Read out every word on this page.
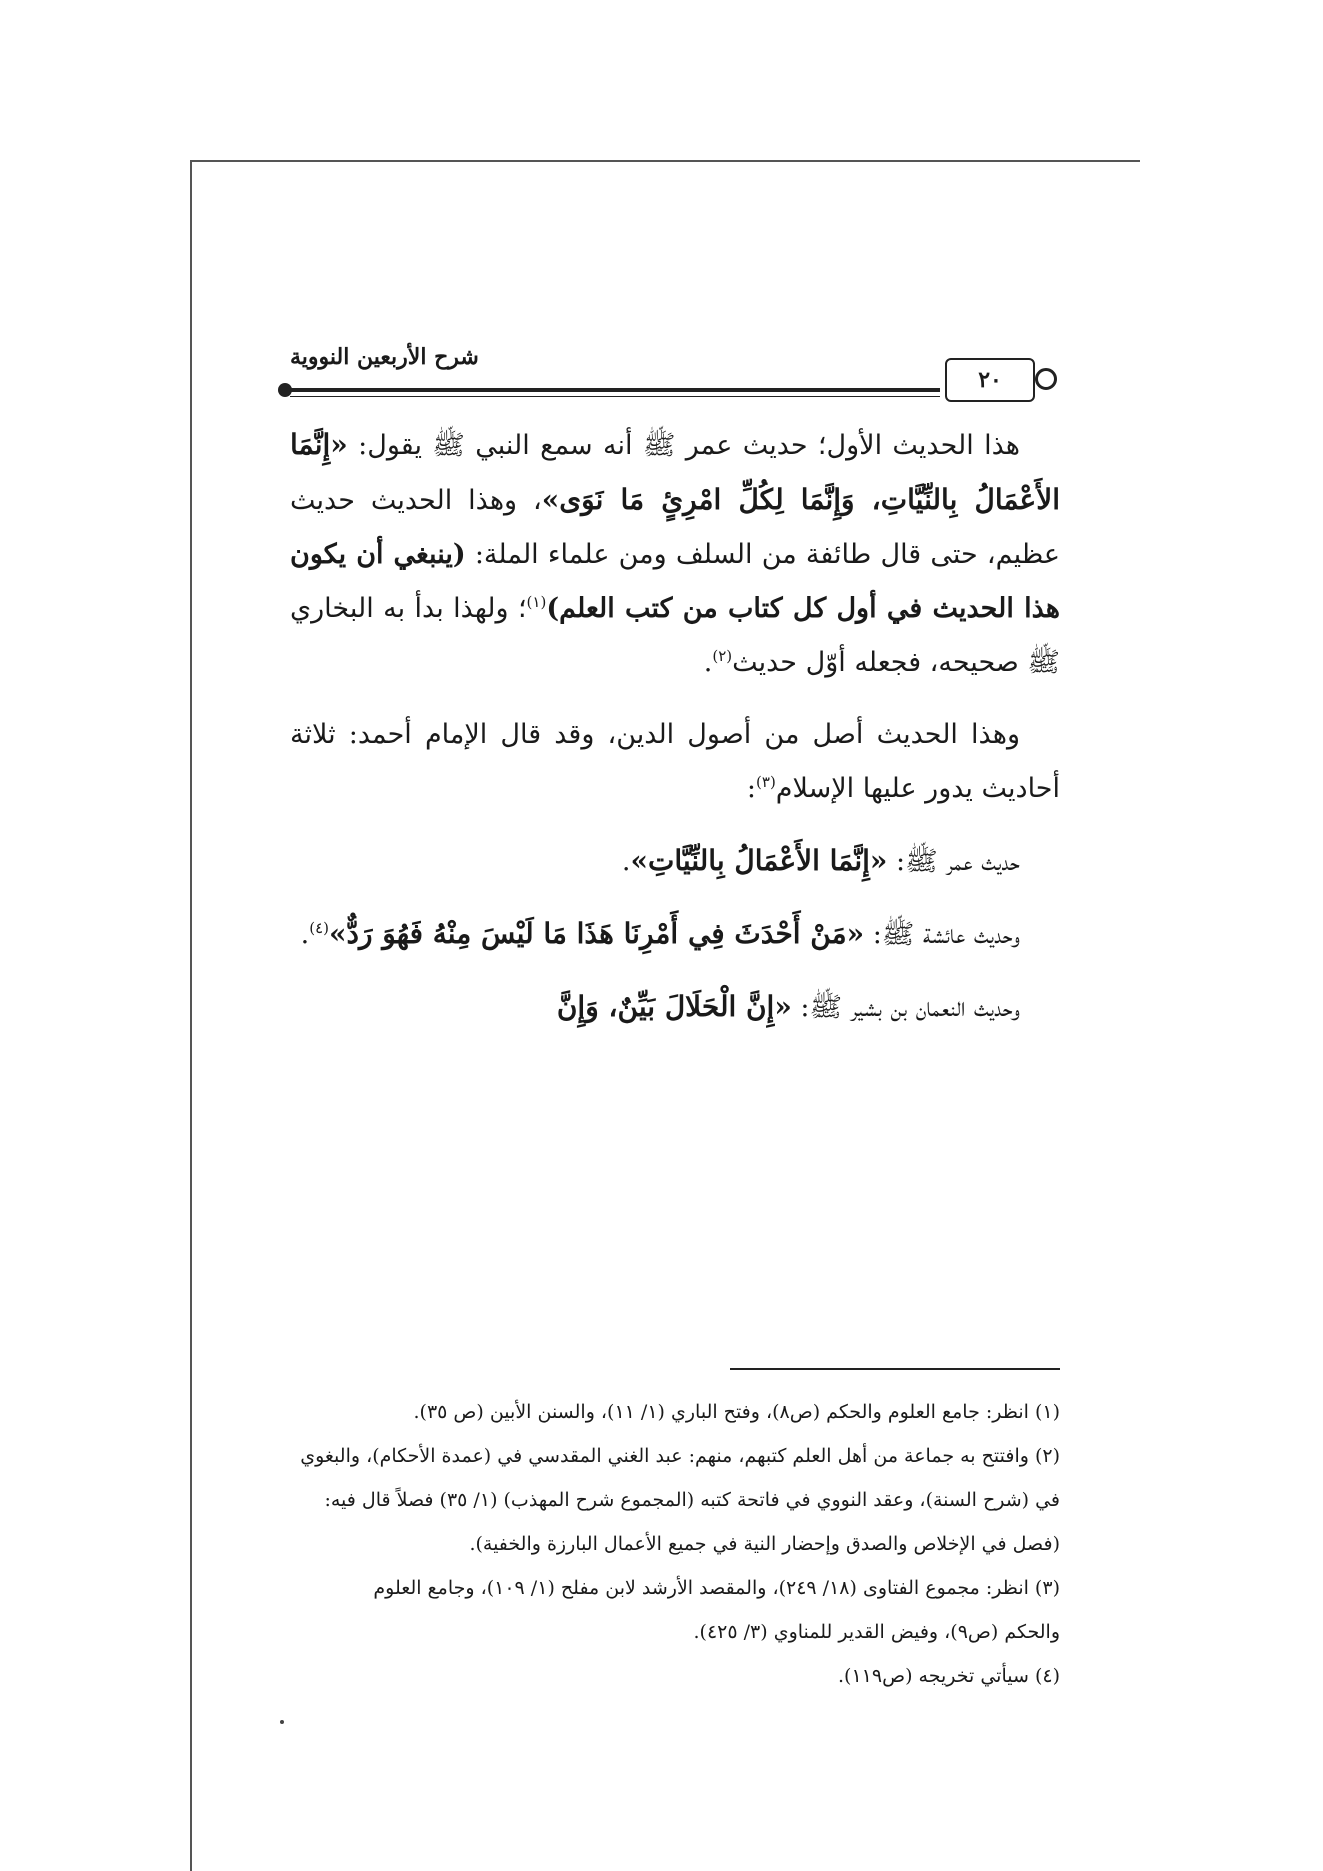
شرح الأربعين النووية
٢٠

هذا الحديث الأول؛ حديث عمر ﷺ أنه سمع النبي ﷺ يقول: «إِنَّمَا الأَعْمَالُ بِالنِّيَّاتِ، وَإِنَّمَا لِكُلِّ امْرِئٍ مَا نَوَى»، وهذا الحديث حديث عظيم، حتى قال طائفة من السلف ومن علماء الملة: (ينبغي أن يكون هذا الحديث في أول كل كتاب من كتب العلم)$^{(١)}$؛ ولهذا بدأ به البخاري ﷺ صحيحه، فجعله أوّل حديث$^{(٢)}$.

وهذا الحديث أصل من أصول الدين، وقد قال الإمام أحمد: ثلاثة أحاديث يدور عليها الإسلام$^{(٣)}$:

حديث عمر ﷺ: «إِنَّمَا الأَعْمَالُ بِالنِّيَّاتِ».

وحديث عائشة ﷺ: «مَنْ أَحْدَثَ فِي أَمْرِنَا هَذَا مَا لَيْسَ مِنْهُ فَهُوَ رَدٌّ»$^{(٤)}$.

وحديث النعمان بن بشير ﷺ: «إِنَّ الْحَلَالَ بَيِّنٌ، وَإِنَّ

(١) انظر: جامع العلوم والحكم (ص٨)، وفتح الباري (١/ ١١)، والسنن الأبين (ص ٣٥).

(٢) وافتتح به جماعة من أهل العلم كتبهم، منهم: عبد الغني المقدسي في (عمدة الأحكام)، والبغوي

في (شرح السنة)، وعقد النووي في فاتحة كتبه (المجموع شرح المهذب) (١/ ٣٥) فصلاً قال فيه:

(فصل في الإخلاص والصدق وإحضار النية في جميع الأعمال البارزة والخفية).

(٣) انظر: مجموع الفتاوى (١٨/ ٢٤٩)، والمقصد الأرشد لابن مفلح (١/ ١٠٩)، وجامع العلوم

والحكم (ص٩)، وفيض القدير للمناوي (٣/ ٤٢٥).

(٤) سيأتي تخريجه (ص١١٩).
